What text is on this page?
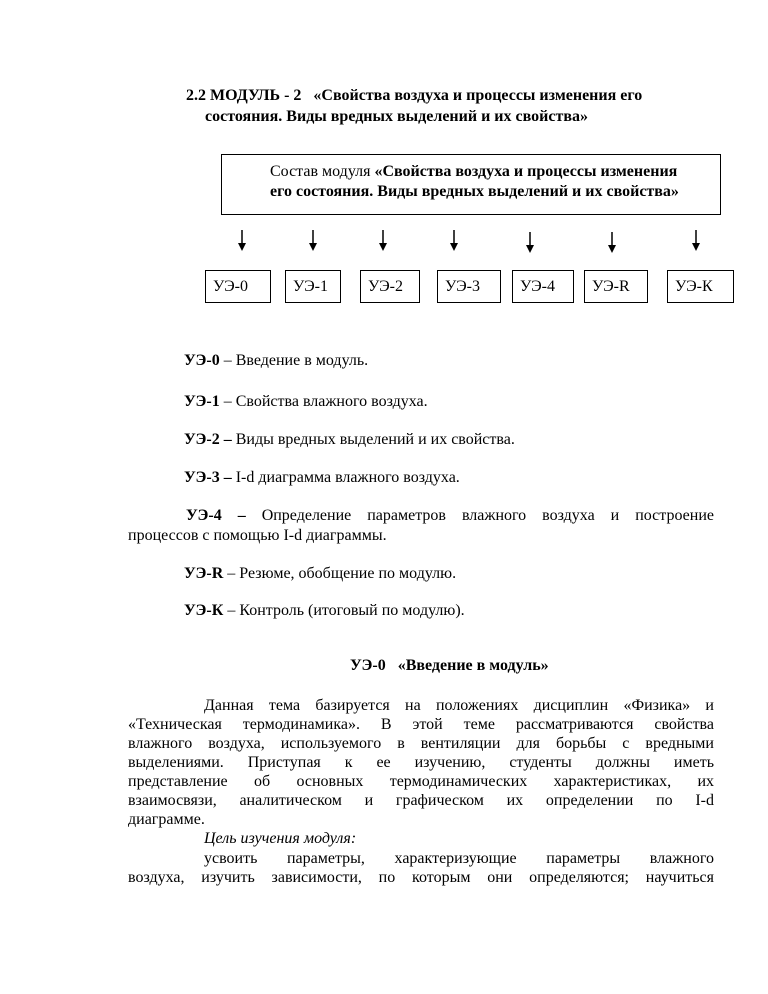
2.2 МОДУЛЬ - 2   «Свойства воздуха и процессы изменения его
состояния. Виды вредных выделений и их свойства»
Состав модуля «Свойства воздуха и процессы изменения
его состояния. Виды вредных выделений и их свойства»
УЭ-0	УЭ-1	УЭ-2	УЭ-3	УЭ-4	УЭ-R	УЭ-К
УЭ-0 – Введение в модуль.
УЭ-1 – Свойства влажного воздуха.
УЭ-2 – Виды вредных выделений и их свойства.
УЭ-3 – I-d диаграмма влажного воздуха.
УЭ-4 – Определение параметров влажного воздуха и построение
процессов с помощью I-d диаграммы.
УЭ-R – Резюме, обобщение по модулю.
УЭ-К – Контроль (итоговый по модулю).
УЭ-0   «Введение в модуль»
Данная тема базируется на положениях дисциплин «Физика» и
«Техническая термодинамика». В этой теме рассматриваются свойства
влажного воздуха, используемого в вентиляции для борьбы с вредными
выделениями. Приступая к ее изучению, студенты должны иметь
представление об основных термодинамических характеристиках, их
взаимосвязи, аналитическом и графическом их определении по I-d
диаграмме.
Цель изучения модуля:
усвоить параметры, характеризующие параметры влажного
воздуха, изучить зависимости, по которым они определяются; научиться
